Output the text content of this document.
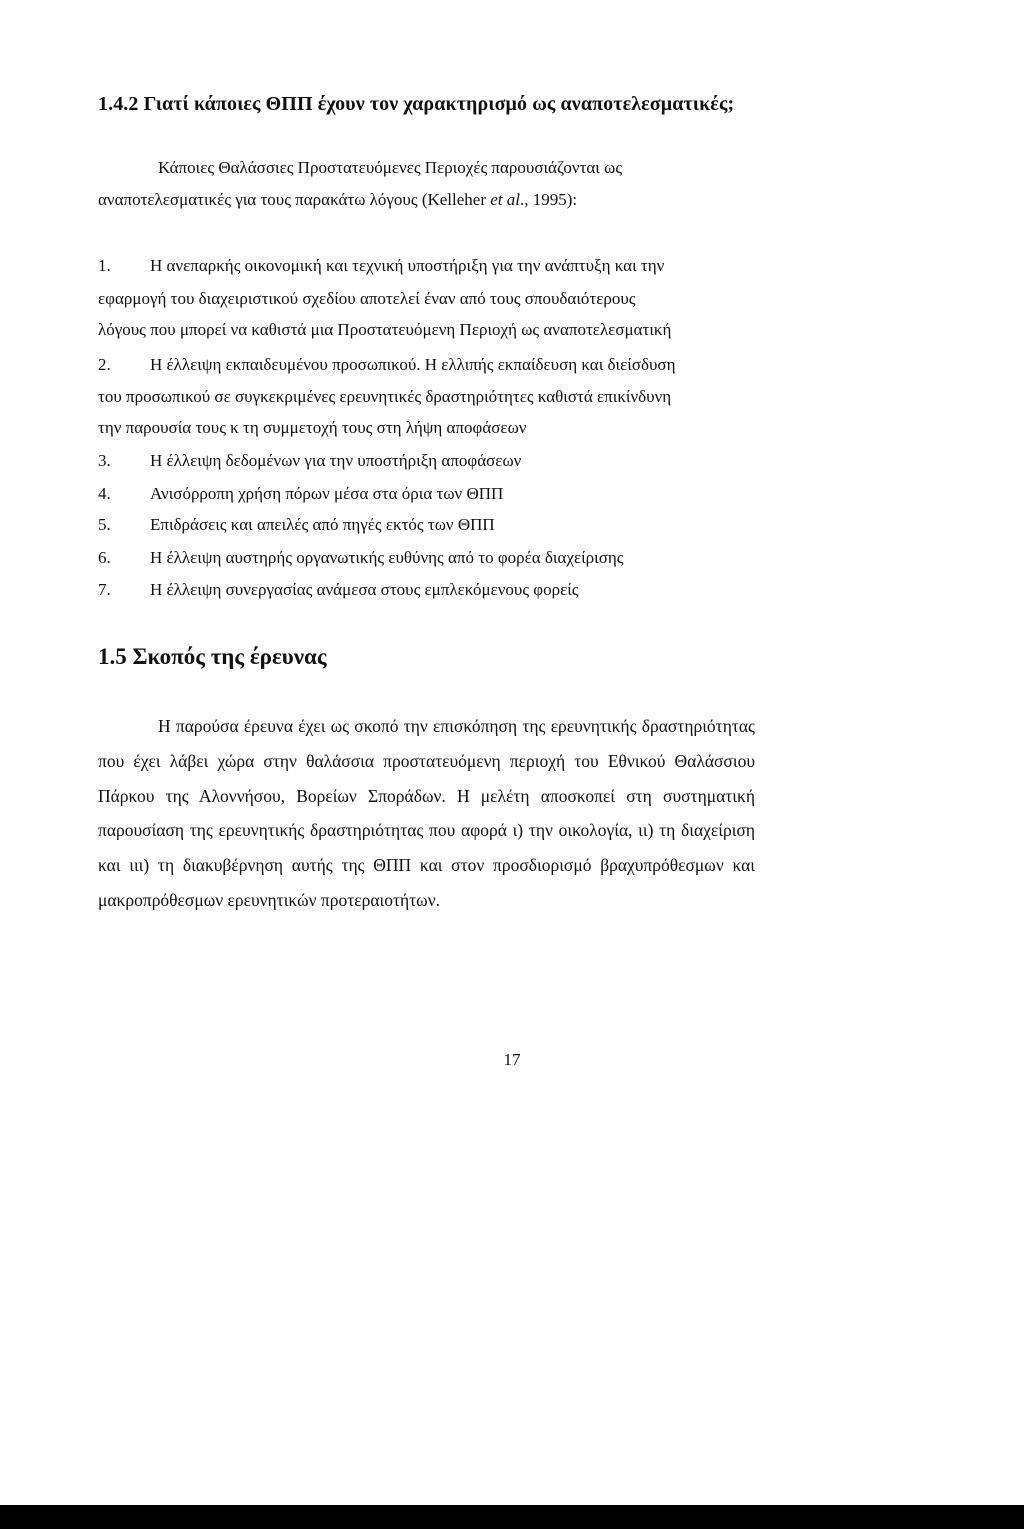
1.4.2 Γιατί κάποιες ΘΠΠ έχουν τον χαρακτηρισμό ως αναποτελεσματικές;

Κάποιες Θαλάσσιες Προστατευόμενες Περιοχές παρουσιάζονται ως

αναποτελεσματικές για τους παρακάτω λόγους (Kelleher et al., 1995):

1. Η ανεπαρκής οικονομική και τεχνική υποστήριξη για την ανάπτυξη και την

εφαρμογή του διαχειριστικού σχεδίου αποτελεί έναν από τους σπουδαιότερους

λόγους που μπορεί να καθιστά μια Προστατευόμενη Περιοχή ως αναποτελεσματική

2. Η έλλειψη εκπαιδευμένου προσωπικού. Η ελλιπής εκπαίδευση και διείσδυση

του προσωπικού σε συγκεκριμένες ερευνητικές δραστηριότητες καθιστά επικίνδυνη

την παρουσία τους κ τη συμμετοχή τους στη λήψη αποφάσεων

3. Η έλλειψη δεδομένων για την υποστήριξη αποφάσεων

4. Ανισόρροπη χρήση πόρων μέσα στα όρια των ΘΠΠ

5. Επιδράσεις και απειλές από πηγές εκτός των ΘΠΠ

6. Η έλλειψη αυστηρής οργανωτικής ευθύνης από το φορέα διαχείρισης

7. Η έλλειψη συνεργασίας ανάμεσα στους εμπλεκόμενους φορείς

1.5 Σκοπός της έρευνας

Η παρούσα έρευνα έχει ως σκοπό την επισκόπηση της ερευνητικής δραστηριότητας που έχει λάβει χώρα στην θαλάσσια προστατευόμενη περιοχή του Εθνικού Θαλάσσιου Πάρκου της Αλοννήσου, Βορείων Σποράδων. Η μελέτη αποσκοπεί στη συστηματική παρουσίαση της ερευνητικής δραστηριότητας που αφορά ι) την οικολογία, ιι) τη διαχείριση και ιιι) τη διακυβέρνηση αυτής της ΘΠΠ και στον προσδιορισμό βραχυπρόθεσμων και μακροπρόθεσμων ερευνητικών προτεραιοτήτων.

17
